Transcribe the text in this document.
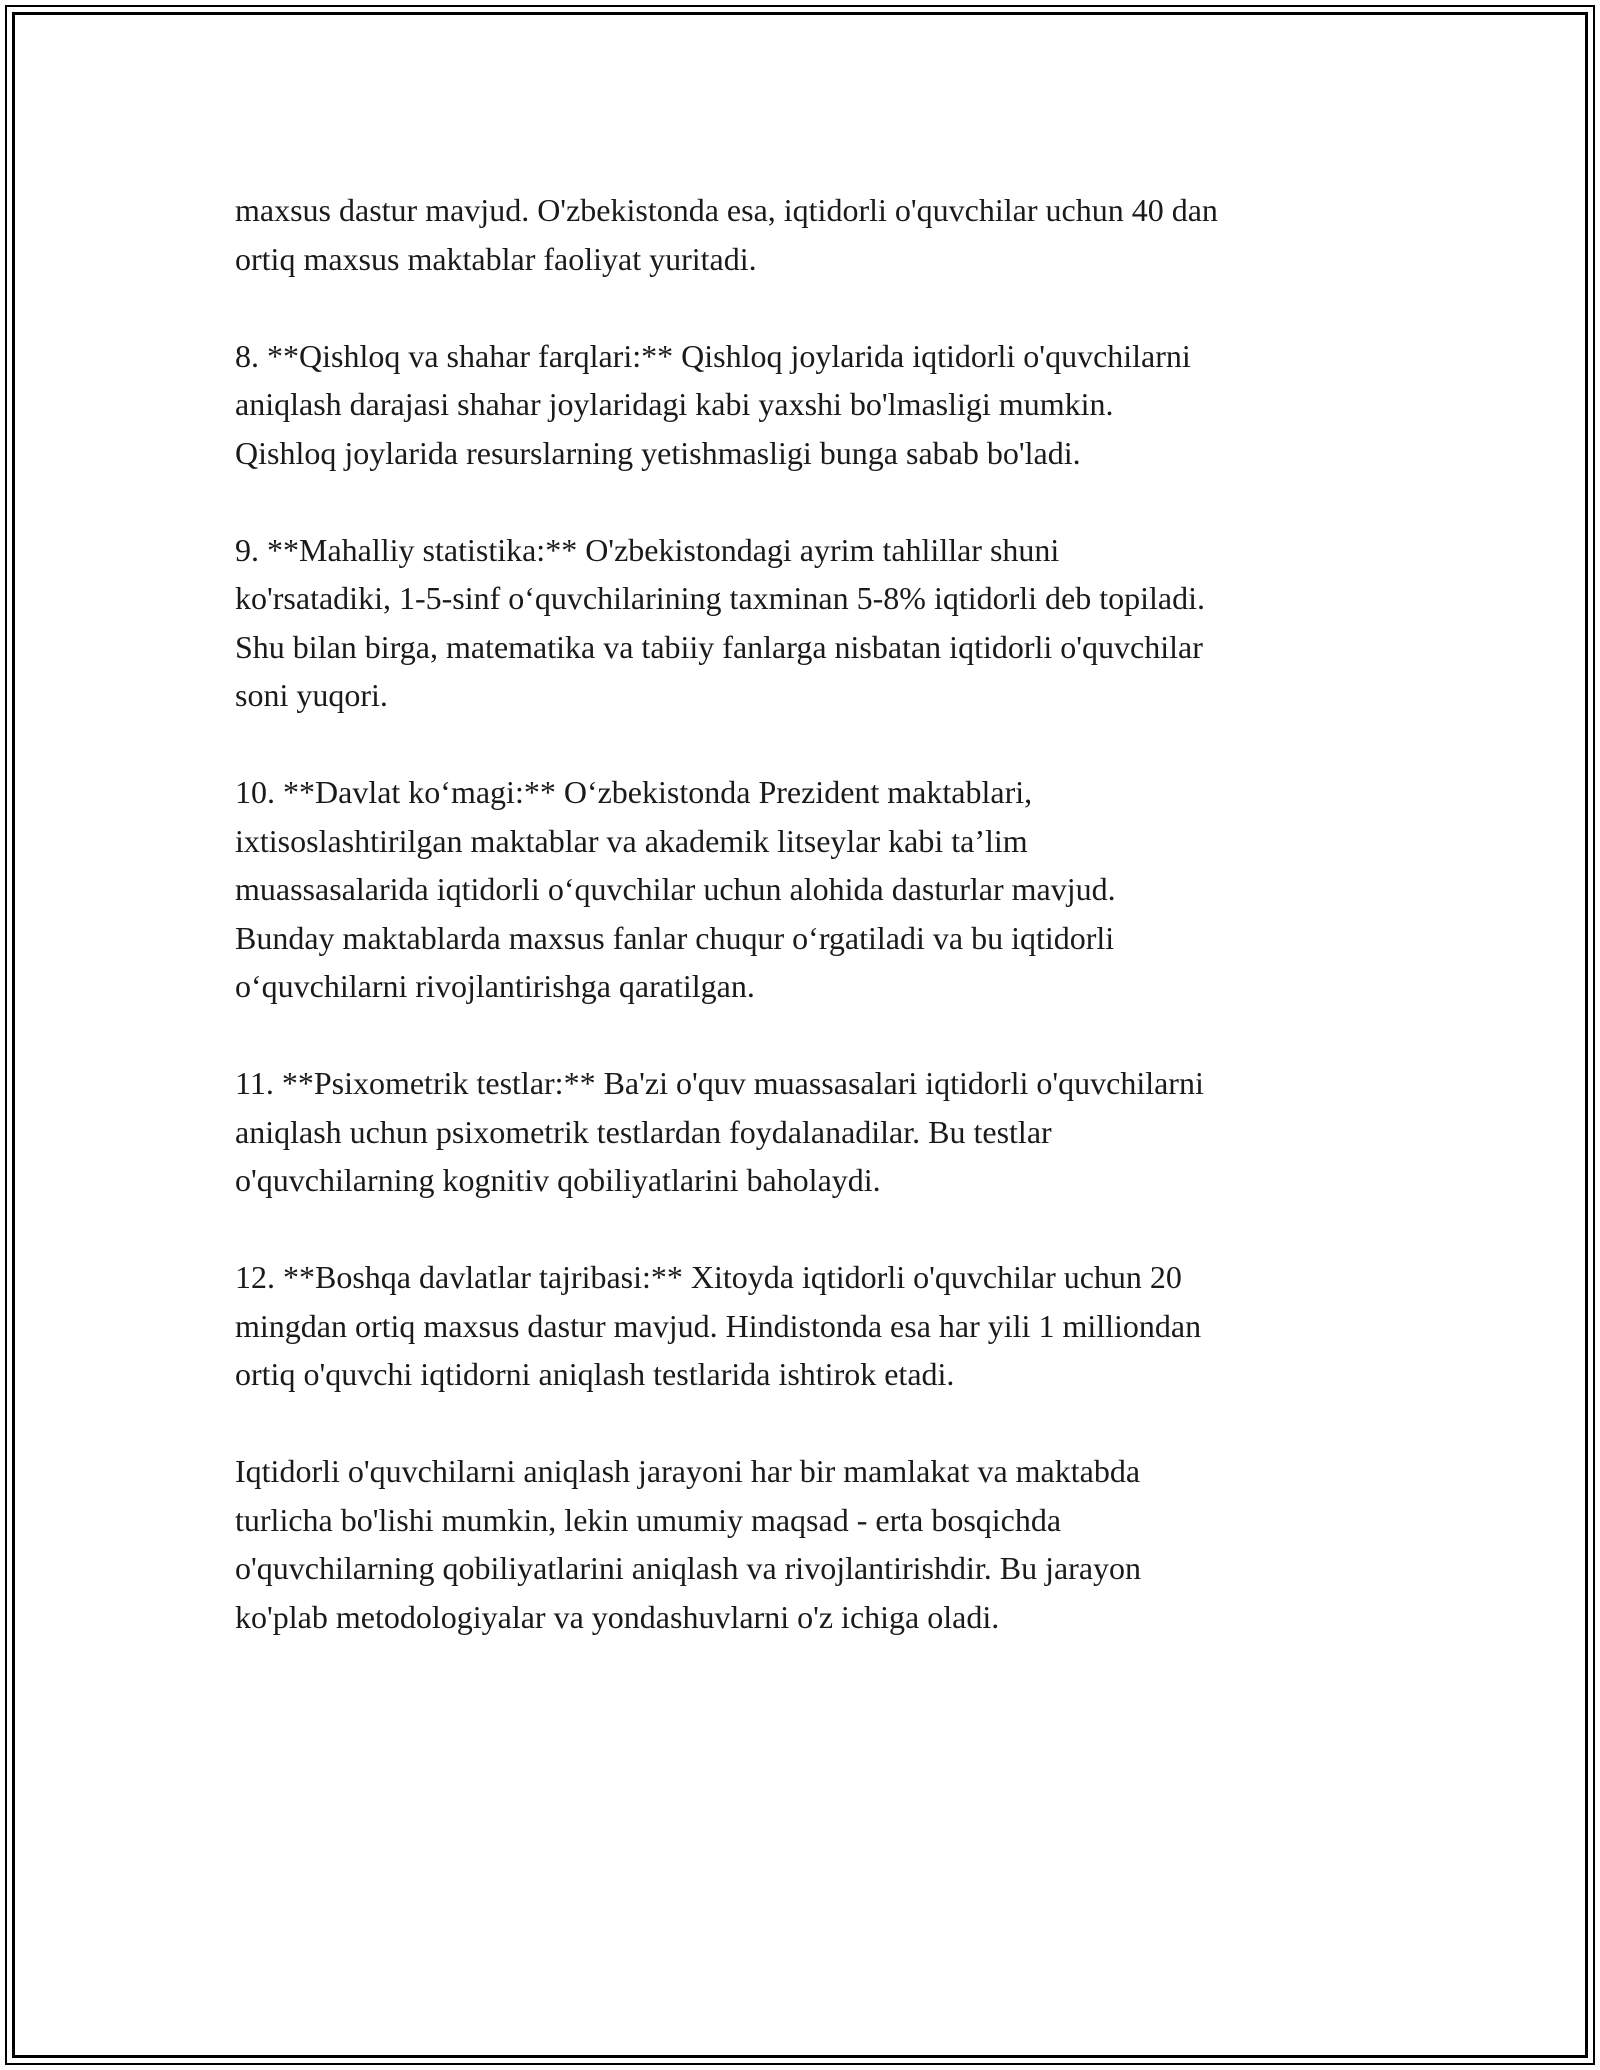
maxsus dastur mavjud. O'zbekistonda esa, iqtidorli o'quvchilar uchun 40 dan
ortiq maxsus maktablar faoliyat yuritadi.

8. **Qishloq va shahar farqlari:** Qishloq joylarida iqtidorli o'quvchilarni
aniqlash darajasi shahar joylaridagi kabi yaxshi bo'lmasligi mumkin.
Qishloq joylarida resurslarning yetishmasligi bunga sabab bo'ladi.

9. **Mahalliy statistika:** O'zbekistondagi ayrim tahlillar shuni
ko'rsatadiki, 1-5-sinf o‘quvchilarining taxminan 5-8% iqtidorli deb topiladi.
Shu bilan birga, matematika va tabiiy fanlarga nisbatan iqtidorli o'quvchilar
soni yuqori.

10. **Davlat ko‘magi:** O‘zbekistonda Prezident maktablari,
ixtisoslashtirilgan maktablar va akademik litseylar kabi ta’lim
muassasalarida iqtidorli o‘quvchilar uchun alohida dasturlar mavjud.
Bunday maktablarda maxsus fanlar chuqur o‘rgatiladi va bu iqtidorli
o‘quvchilarni rivojlantirishga qaratilgan.

11. **Psixometrik testlar:** Ba'zi o'quv muassasalari iqtidorli o'quvchilarni
aniqlash uchun psixometrik testlardan foydalanadilar. Bu testlar
o'quvchilarning kognitiv qobiliyatlarini baholaydi.

12. **Boshqa davlatlar tajribasi:** Xitoyda iqtidorli o'quvchilar uchun 20
mingdan ortiq maxsus dastur mavjud. Hindistonda esa har yili 1 milliondan
ortiq o'quvchi iqtidorni aniqlash testlarida ishtirok etadi.

Iqtidorli o'quvchilarni aniqlash jarayoni har bir mamlakat va maktabda
turlicha bo'lishi mumkin, lekin umumiy maqsad - erta bosqichda
o'quvchilarning qobiliyatlarini aniqlash va rivojlantirishdir. Bu jarayon
ko'plab metodologiyalar va yondashuvlarni o'z ichiga oladi.
